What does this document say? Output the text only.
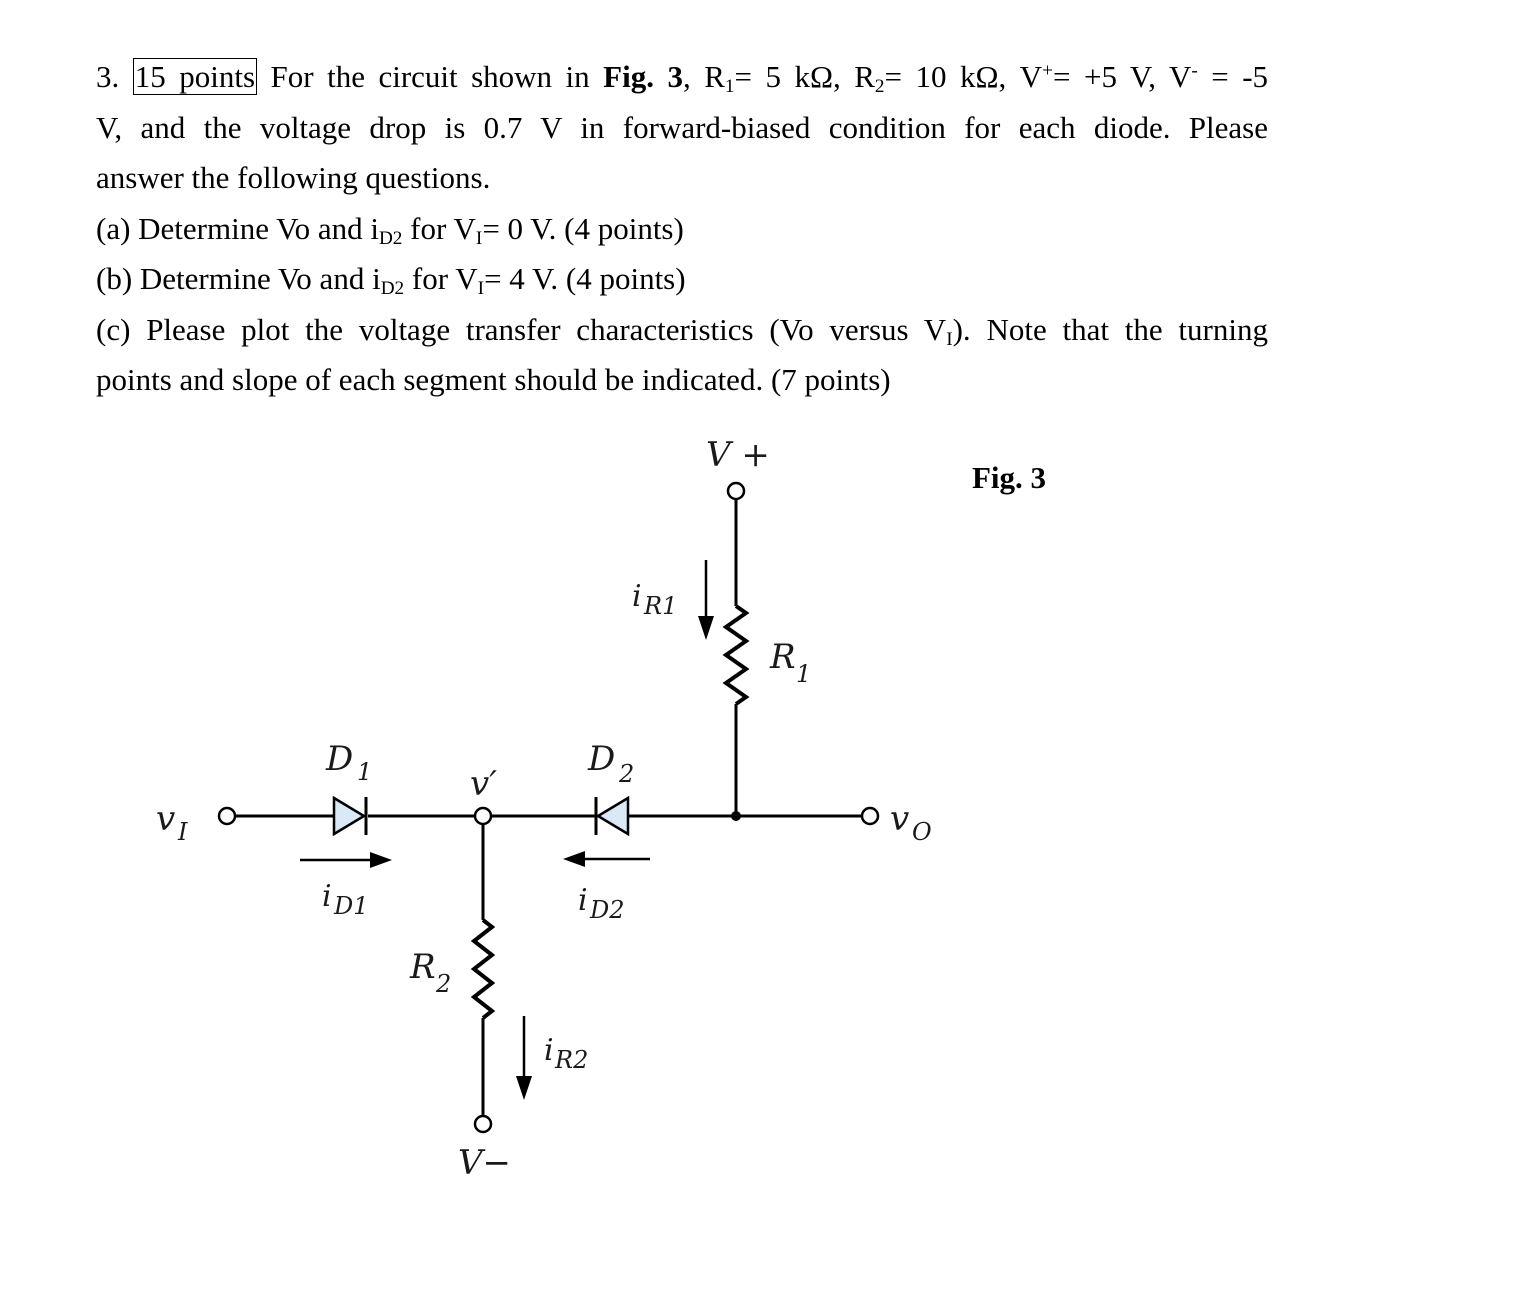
3. 15 points For the circuit shown in Fig. 3, $R_1= 5$ kΩ, $R_2= 10$ kΩ, V+= +5 V, V- = -5
V, and the voltage drop is 0.7 V in forward-biased condition for each diode. Please
answer the following questions.
(a) Determine Vo and $i_{D2}$ for $V_I= 0$ V. (4 points)
(b) Determine Vo and $i_{D2}$ for $V_I= 4$ V. (4 points)
(c) Please plot the voltage transfer characteristics (Vo versus $V_I$). Note that the turning
points and slope of each segment should be indicated. (7 points)
Fig. 3
V +
V−
v I	v O
v′
D 1	D 2
R 1
R 2
i R1
i R2
i D1	i D2
